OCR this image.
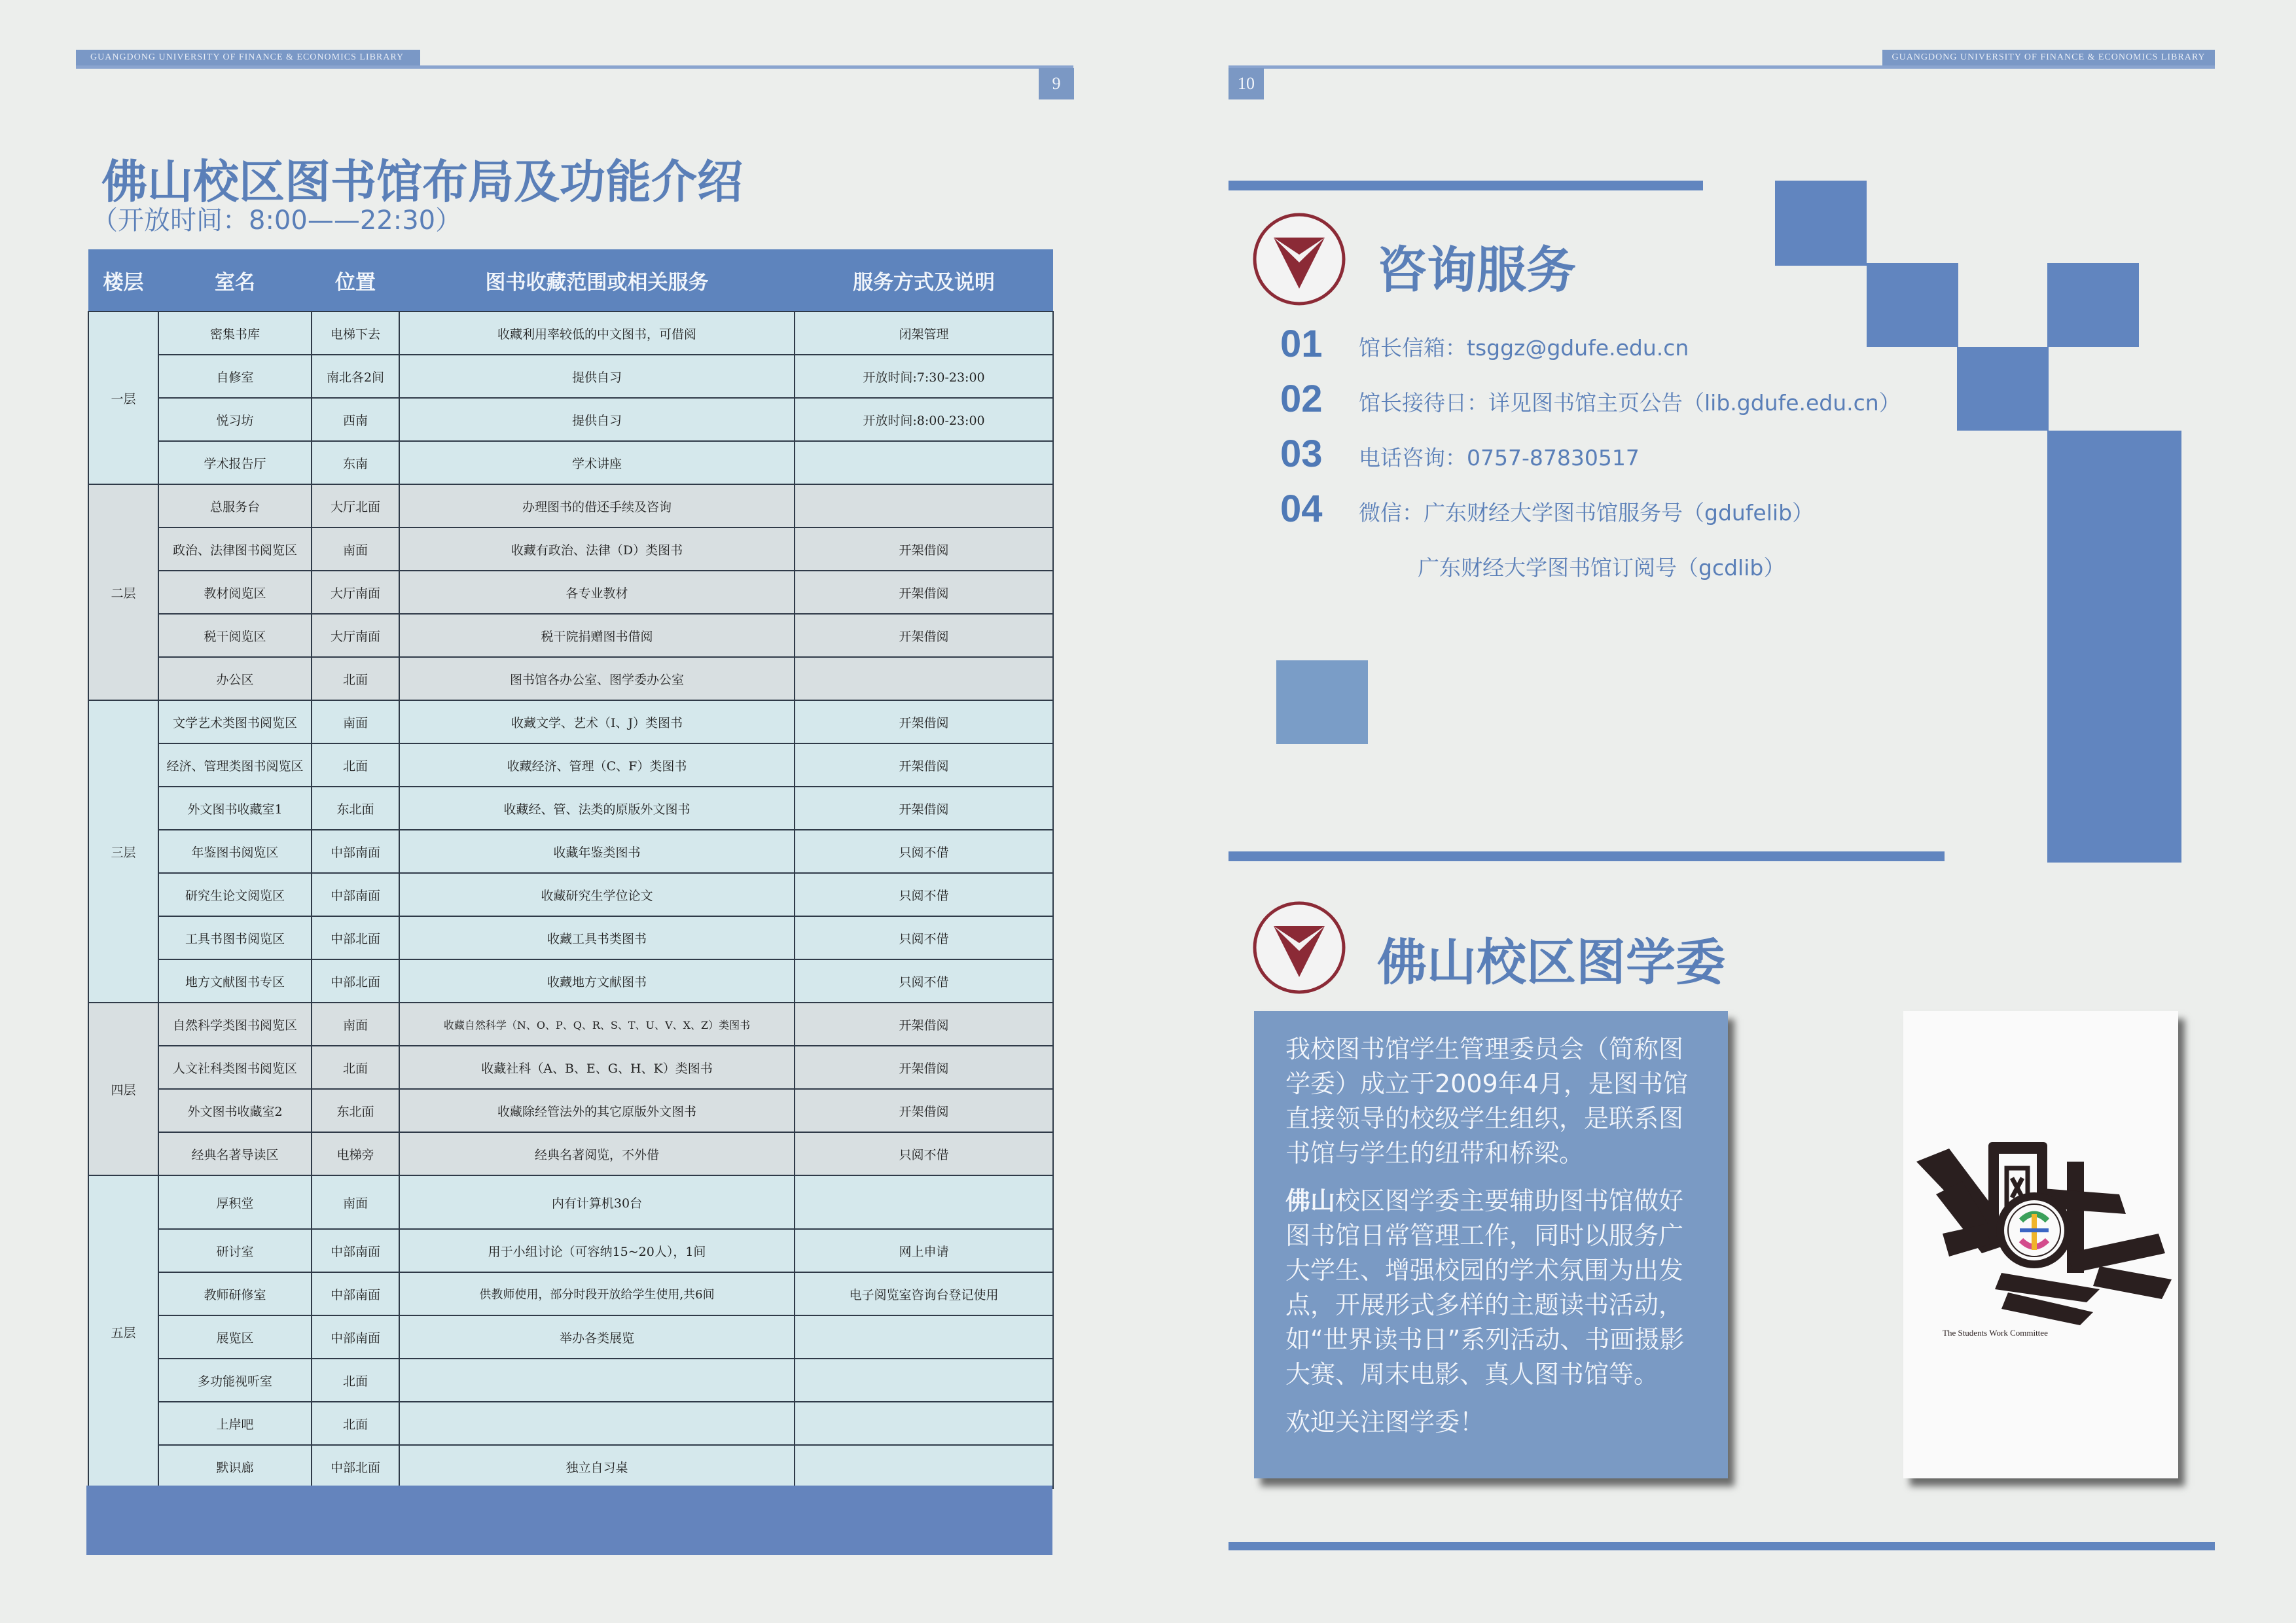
GUANGDONG UNIVERSITY OF FINANCE & ECONOMICS LIBRARY
9
佛山校区图书馆布局及功能介绍
（开放时间：8:00——22:30）
楼层	室名	位置	图书收藏范围或相关服务	服务方式及说明
一层	密集书库	电梯下去	收藏利用率较低的中文图书，可借阅	闭架管理
	自修室	南北各2间	提供自习	开放时间:7:30-23:00
	悦习坊	西南	提供自习	开放时间:8:00-23:00
	学术报告厅	东南	学术讲座	
二层	总服务台	大厅北面	办理图书的借还手续及咨询	
	政治、法律图书阅览区	南面	收藏有政治、法律（D）类图书	开架借阅
	教材阅览区	大厅南面	各专业教材	开架借阅
	税干阅览区	大厅南面	税干院捐赠图书借阅	开架借阅
	办公区	北面	图书馆各办公室、图学委办公室	
三层	文学艺术类图书阅览区	南面	收藏文学、艺术（I、J）类图书	开架借阅
	经济、管理类图书阅览区	北面	收藏经济、管理（C、F）类图书	开架借阅
	外文图书收藏室1	东北面	收藏经、管、法类的原版外文图书	开架借阅
	年鉴图书阅览区	中部南面	收藏年鉴类图书	只阅不借
	研究生论文阅览区	中部南面	收藏研究生学位论文	只阅不借
	工具书图书阅览区	中部北面	收藏工具书类图书	只阅不借
	地方文献图书专区	中部北面	收藏地方文献图书	只阅不借
四层	自然科学类图书阅览区	南面	收藏自然科学（N、O、P、Q、R、S、T、U、V、X、Z）类图书	开架借阅
	人文社科类图书阅览区	北面	收藏社科（A、B、E、G、H、K）类图书	开架借阅
	外文图书收藏室2	东北面	收藏除经管法外的其它原版外文图书	开架借阅
	经典名著导读区	电梯旁	经典名著阅览，不外借	只阅不借
五层	厚积堂	南面	内有计算机30台	
	研讨室	中部南面	用于小组讨论（可容纳15~20人），1间	网上申请
	教师研修室	中部南面	供教师使用，部分时段开放给学生使用,共6间	电子阅览室咨询台登记使用
	展览区	中部南面	举办各类展览	
	多功能视听室	北面		
	上岸吧	北面		
	默识廊	中部北面	独立自习桌	
GUANGDONG UNIVERSITY OF FINANCE & ECONOMICS LIBRARY
10
咨询服务
01 馆长信箱：tsggz@gdufe.edu.cn
02 馆长接待日：详见图书馆主页公告（lib.gdufe.edu.cn）
03 电话咨询：0757-87830517
04 微信：广东财经大学图书馆服务号（gdufelib）
广东财经大学图书馆订阅号（gcdlib）
佛山校区图学委

我校图书馆学生管理委员会（简称图学委）成立于2009年4月，是图书馆直接领导的校级学生组织，是联系图书馆与学生的纽带和桥梁。

佛山校区图学委主要辅助图书馆做好图书馆日常管理工作，同时以服务广大学生、增强校园的学术氛围为出发点，开展形式多样的主题读书活动，如“世界读书日”系列活动、书画摄影大赛、周末电影、真人图书馆等。

欢迎关注图学委！

The Students Work Committee
